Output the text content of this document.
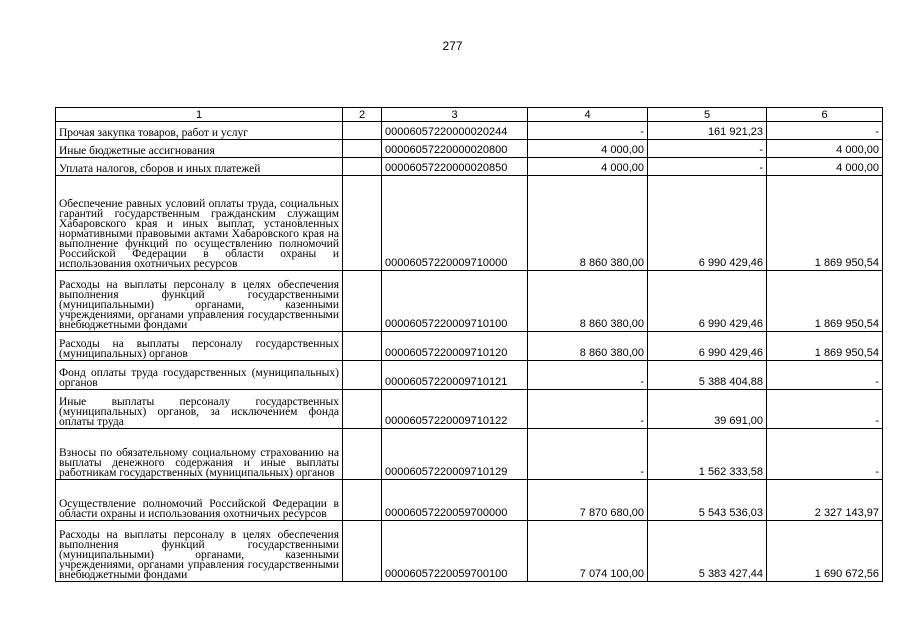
277
1	2	3	4	5	6
Прочая закупка товаров, работ и услуг		00006057220000020244	-	161 921,23	-
Иные бюджетные ассигнования		00006057220000020800	4 000,00	-	4 000,00
Уплата налогов, сборов и иных платежей		00006057220000020850	4 000,00	-	4 000,00
Обеспечение равных условий оплаты труда, социальных гарантий государственным гражданским служащим Хабаровского края и иных выплат, установленных нормативными правовыми актами Хабаровского края на выполнение функций по осуществлению полномочий Российской Федерации в области охраны и использования охотничьих ресурсов		00006057220009710000	8 860 380,00	6 990 429,46	1 869 950,54
Расходы на выплаты персоналу в целях обеспечения выполнения функций государственными (муниципальными) органами, казенными учреждениями, органами управления государственными внебюджетными фондами		00006057220009710100	8 860 380,00	6 990 429,46	1 869 950,54
Расходы на выплаты персоналу государственных (муниципальных) органов		00006057220009710120	8 860 380,00	6 990 429,46	1 869 950,54
Фонд оплаты труда государственных (муниципальных) органов		00006057220009710121	-	5 388 404,88	-
Иные выплаты персоналу государственных (муниципальных) органов, за исключением фонда оплаты труда		00006057220009710122	-	39 691,00	-
Взносы по обязательному социальному страхованию на выплаты денежного содержания и иные выплаты работникам государственных (муниципальных) органов		00006057220009710129	-	1 562 333,58	-
Осуществление полномочий Российской Федерации в области охраны и использования охотничьих ресурсов		00006057220059700000	7 870 680,00	5 543 536,03	2 327 143,97
Расходы на выплаты персоналу в целях обеспечения выполнения функций государственными (муниципальными) органами, казенными учреждениями, органами управления государственными внебюджетными фондами		00006057220059700100	7 074 100,00	5 383 427,44	1 690 672,56
